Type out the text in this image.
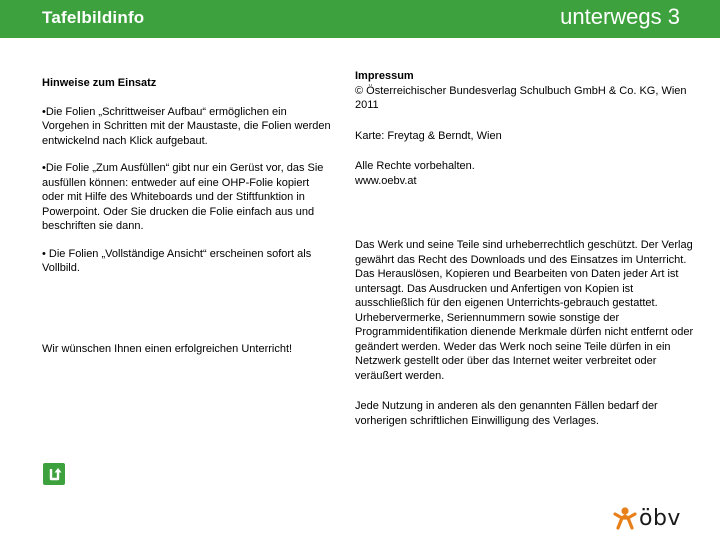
Tafelbildinfo	unterwegs 3

Hinweise zum Einsatz

•Die Folien „Schrittweiser Aufbau“ ermöglichen ein Vorgehen in Schritten mit der Maustaste, die Folien werden entwickelnd nach Klick aufgebaut.

•Die Folie „Zum Ausfüllen“ gibt nur ein Gerüst vor, das Sie ausfüllen können: entweder auf eine OHP-Folie kopiert oder mit Hilfe des Whiteboards und der Stiftfunktion in Powerpoint. Oder Sie drucken die Folie einfach aus und beschriften sie dann.

• Die Folien „Vollständige Ansicht“ erscheinen sofort als Vollbild.

Wir wünschen Ihnen einen erfolgreichen Unterricht!

Impressum

© Österreichischer Bundesverlag Schulbuch GmbH & Co. KG, Wien 2011

Karte: Freytag & Berndt, Wien

Alle Rechte vorbehalten.

www.oebv.at

Das Werk und seine Teile sind urheberrechtlich geschützt. Der Verlag gewährt das Recht des Downloads und des Einsatzes im Unterricht. Das Herauslösen, Kopieren und Bearbeiten von Daten jeder Art ist untersagt. Das Ausdrucken und Anfertigen von Kopien ist ausschließlich für den eigenen Unterrichts-gebrauch gestattet. Urhebervermerke, Seriennummern sowie sonstige der Programmidentifikation dienende Merkmale dürfen nicht entfernt oder geändert werden. Weder das Werk noch seine Teile dürfen in ein Netzwerk gestellt oder über das Internet weiter verbreitet oder veräußert werden.

Jede Nutzung in anderen als den genannten Fällen bedarf der vorherigen schriftlichen Einwilligung des Verlages.

öbv
